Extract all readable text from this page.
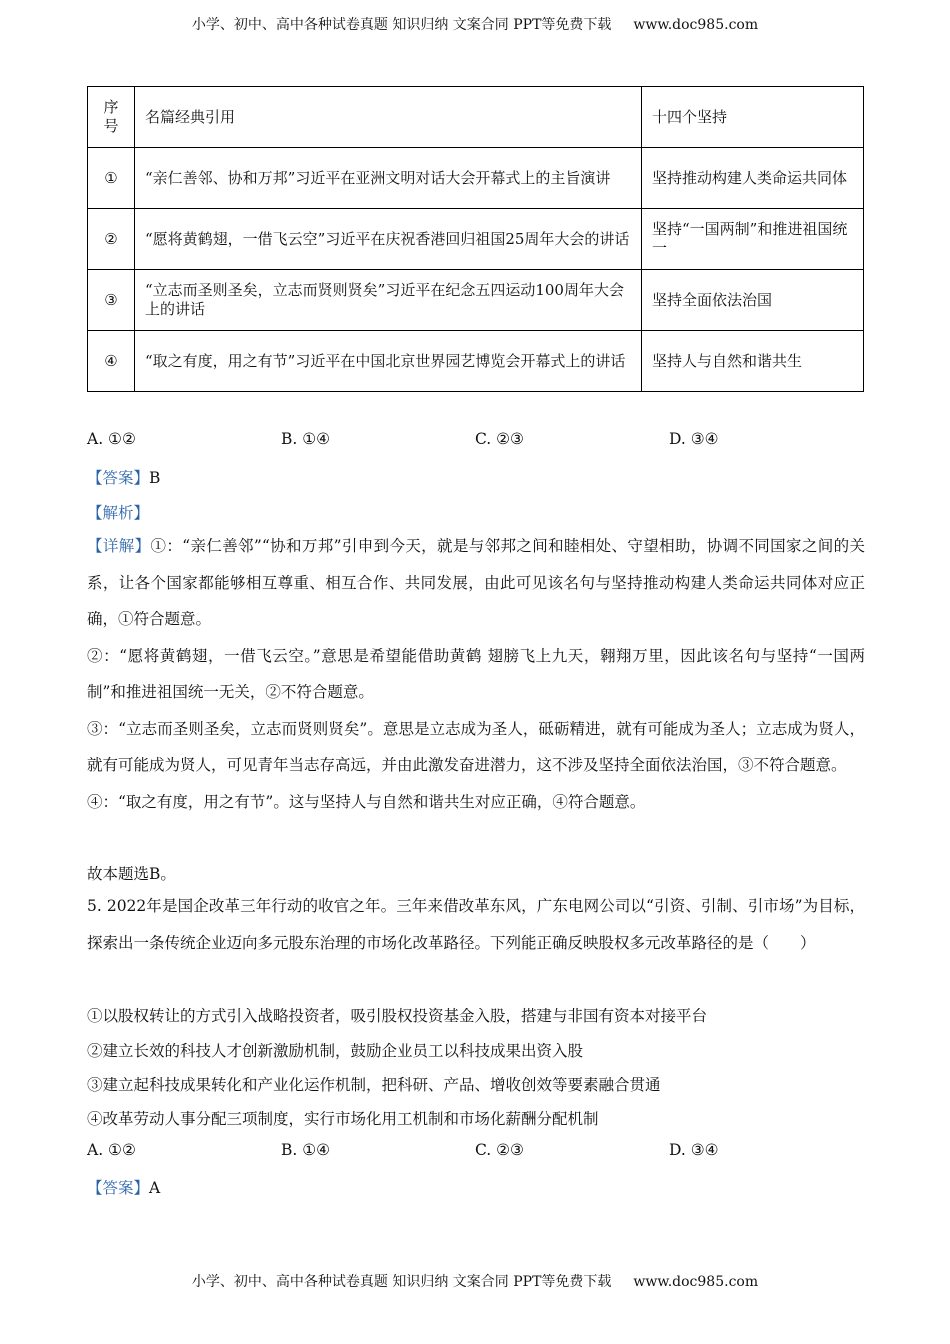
小学、初中、高中各种试卷真题 知识归纳 文案合同 PPT等免费下载 www.doc985.com
序号	名篇经典引用	十四个坚持
①	“亲仁善邻、协和万邦”习近平在亚洲文明对话大会开幕式上的主旨演讲	坚持推动构建人类命运共同体
②	“愿将黄鹤翅，一借飞云空”习近平在庆祝香港回归祖国25周年大会的讲话	坚持“一国两制”和推进祖国统一
③	“立志而圣则圣矣，立志而贤则贤矣”习近平在纪念五四运动100周年大会上的讲话	坚持全面依法治国
④	“取之有度，用之有节”习近平在中国北京世界园艺博览会开幕式上的讲话	坚持人与自然和谐共生
A. ①②	B. ①④	C. ②③	D. ③④
【答案】B
【解析】
【详解】①：“亲仁善邻”“协和万邦”引申到今天，就是与邻邦之间和睦相处、守望相助，协调不同国家之间的关系，让各个国家都能够相互尊重、相互合作、共同发展，由此可见该名句与坚持推动构建人类命运共同体对应正确，①符合题意。
②：“愿将黄鹤翅，一借飞云空。”意思是希望能借助黄鹤 翅膀飞上九天，翱翔万里，因此该名句与坚持“一国两制”和推进祖国统一无关，②不符合题意。
③：“立志而圣则圣矣，立志而贤则贤矣”。意思是立志成为圣人，砥砺精进，就有可能成为圣人；立志成为贤人，就有可能成为贤人，可见青年当志存高远，并由此激发奋进潜力，这不涉及坚持全面依法治国，③不符合题意。
④：“取之有度，用之有节”。这与坚持人与自然和谐共生对应正确，④符合题意。
故本题选B。
5. 2022年是国企改革三年行动的收官之年。三年来借改革东风，广东电网公司以“引资、引制、引市场”为目标，探索出一条传统企业迈向多元股东治理的市场化改革路径。下列能正确反映股权多元改革路径的是（　　）
①以股权转让的方式引入战略投资者，吸引股权投资基金入股，搭建与非国有资本对接平台
②建立长效的科技人才创新激励机制，鼓励企业员工以科技成果出资入股
③建立起科技成果转化和产业化运作机制，把科研、产品、增收创效等要素融合贯通
④改革劳动人事分配三项制度，实行市场化用工机制和市场化薪酬分配机制
A. ①②	B. ①④	C. ②③	D. ③④
【答案】A
小学、初中、高中各种试卷真题 知识归纳 文案合同 PPT等免费下载 www.doc985.com
